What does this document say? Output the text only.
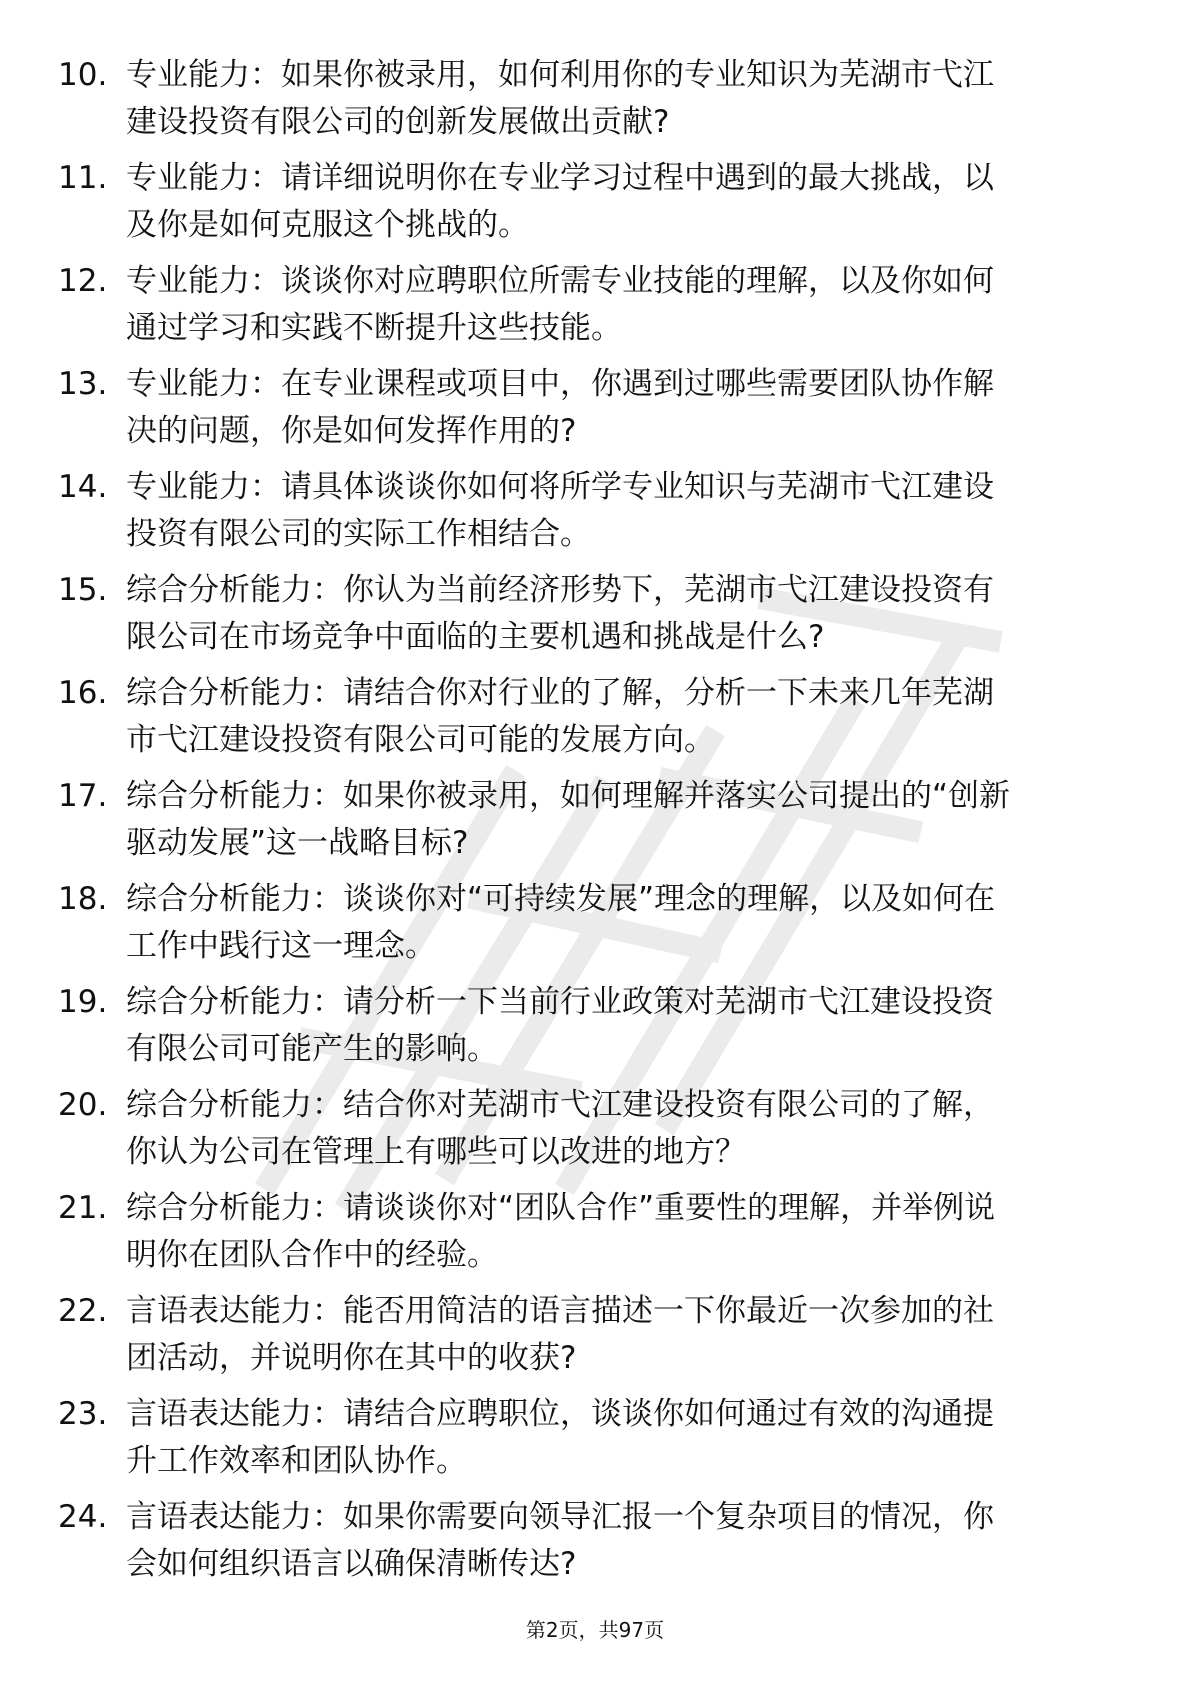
10. 专业能力：如果你被录用，如何利用你的专业知识为芜湖市弋江
建设投资有限公司的创新发展做出贡献?
11. 专业能力：请详细说明你在专业学习过程中遇到的最大挑战，以
及你是如何克服这个挑战的。
12. 专业能力：谈谈你对应聘职位所需专业技能的理解，以及你如何
通过学习和实践不断提升这些技能。
13. 专业能力：在专业课程或项目中，你遇到过哪些需要团队协作解
决的问题，你是如何发挥作用的?
14. 专业能力：请具体谈谈你如何将所学专业知识与芜湖市弋江建设
投资有限公司的实际工作相结合。
15. 综合分析能力：你认为当前经济形势下，芜湖市弋江建设投资有
限公司在市场竞争中面临的主要机遇和挑战是什么?
16. 综合分析能力：请结合你对行业的了解，分析一下未来几年芜湖
市弋江建设投资有限公司可能的发展方向。
17. 综合分析能力：如果你被录用，如何理解并落实公司提出的“创新
驱动发展”这一战略目标?
18. 综合分析能力：谈谈你对“可持续发展”理念的理解，以及如何在
工作中践行这一理念。
19. 综合分析能力：请分析一下当前行业政策对芜湖市弋江建设投资
有限公司可能产生的影响。
20. 综合分析能力：结合你对芜湖市弋江建设投资有限公司的了解，
你认为公司在管理上有哪些可以改进的地方？
21. 综合分析能力：请谈谈你对“团队合作”重要性的理解，并举例说
明你在团队合作中的经验。
22. 言语表达能力：能否用简洁的语言描述一下你最近一次参加的社
团活动，并说明你在其中的收获?
23. 言语表达能力：请结合应聘职位，谈谈你如何通过有效的沟通提
升工作效率和团队协作。
24. 言语表达能力：如果你需要向领导汇报一个复杂项目的情况，你
会如何组织语言以确保清晰传达?
第2页，共97页
